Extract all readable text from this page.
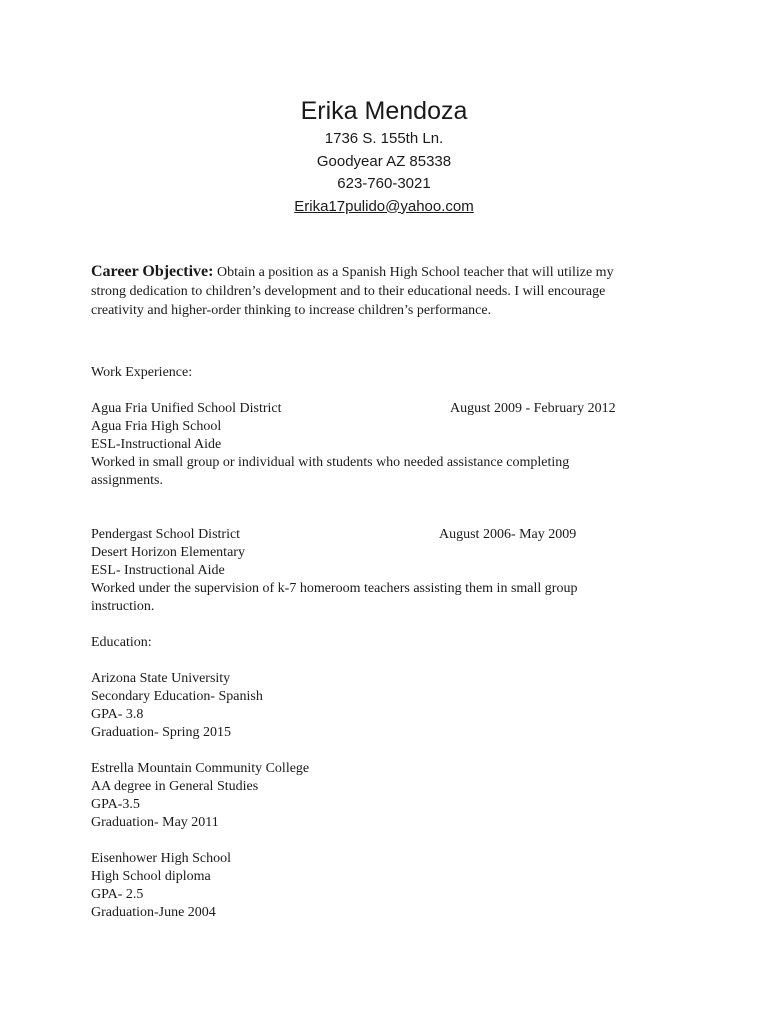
Erika Mendoza
1736 S. 155th Ln.
Goodyear AZ 85338
623-760-3021
Erika17pulido@yahoo.com
Career Objective: Obtain a position as a Spanish High School teacher that will utilize my strong dedication to children’s development and to their educational needs. I will encourage creativity and higher-order thinking to increase children’s performance.
Work Experience:
Agua Fria Unified School District	August 2009 - February 2012
Agua Fria High School
ESL-Instructional Aide
Worked in small group or individual with students who needed assistance completing assignments.
Pendergast School District	August 2006- May 2009
Desert Horizon Elementary
ESL- Instructional Aide
Worked under the supervision of k-7 homeroom teachers assisting them in small group instruction.
Education:
Arizona State University
Secondary Education- Spanish
GPA- 3.8
Graduation- Spring 2015
Estrella Mountain Community College
AA degree in General Studies
GPA-3.5
Graduation- May 2011
Eisenhower High School
High School diploma
GPA- 2.5
Graduation-June 2004
